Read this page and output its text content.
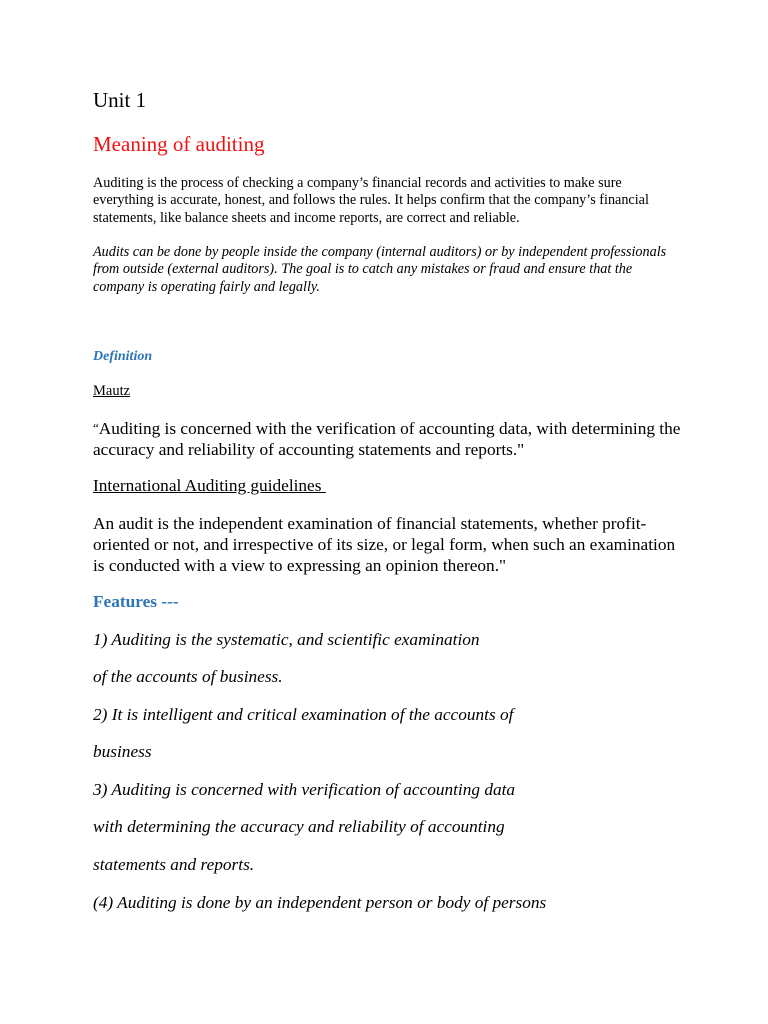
Unit 1
Meaning of auditing

Auditing is the process of checking a company’s financial records and activities to make sure everything is accurate, honest, and follows the rules. It helps confirm that the company’s financial statements, like balance sheets and income reports, are correct and reliable.

Audits can be done by people inside the company (internal auditors) or by independent professionals from outside (external auditors). The goal is to catch any mistakes or fraud and ensure that the company is operating fairly and legally.

Definition
Mautz

“Auditing is concerned with the verification of accounting data, with determining the accuracy and reliability of accounting statements and reports."

International Auditing guidelines

An audit is the independent examination of financial statements, whether profit-oriented or not, and irrespective of its size, or legal form, when such an examination is conducted with a view to expressing an opinion thereon."

Features ---
1) Auditing is the systematic, and scientific examination
of the accounts of business.
2) It is intelligent and critical examination of the accounts of
business
3) Auditing is concerned with verification of accounting data
with determining the accuracy and reliability of accounting
statements and reports.
(4) Auditing is done by an independent person or body of persons
